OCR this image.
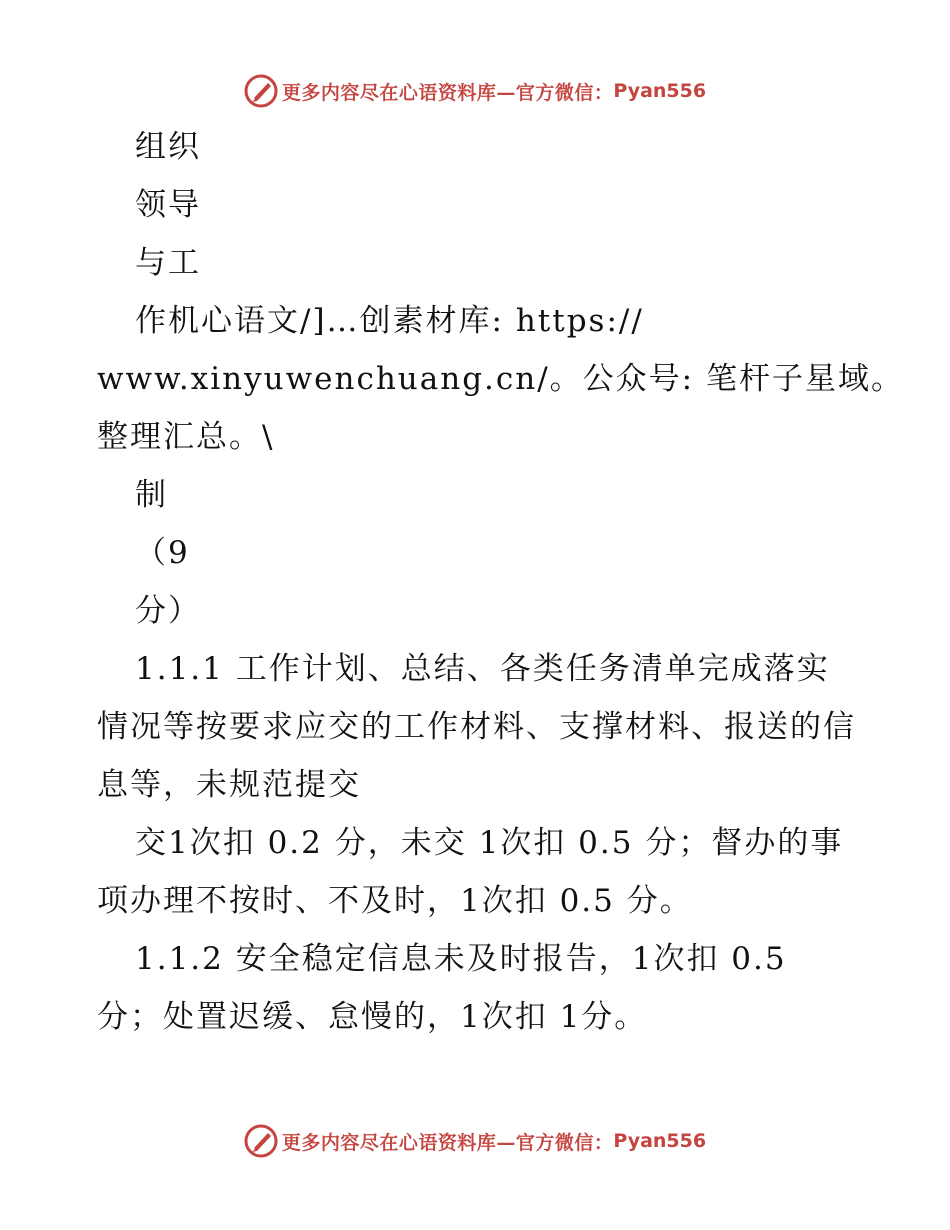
更多内容尽在心语资料库—官方微信： Pyan556

组织

领导

与工

作机心语文/]…创素材库: https://

www.xinyuwenchuang.cn/。公众号: 笔杆子星域。

整理汇总。\

制

（9

分）

1.1.1 工作计划、总结、各类任务清单完成落实情况等按要求应交的工作材料、支撑材料、报送的信息等，未规范提交

交1次扣 0.2 分，未交 1次扣 0.5 分；督办的事项办理不按时、不及时，1次扣 0.5 分。

1.1.2 安全稳定信息未及时报告，1次扣 0.5 分；处置迟缓、怠慢的，1次扣 1分。

更多内容尽在心语资料库—官方微信： Pyan556
